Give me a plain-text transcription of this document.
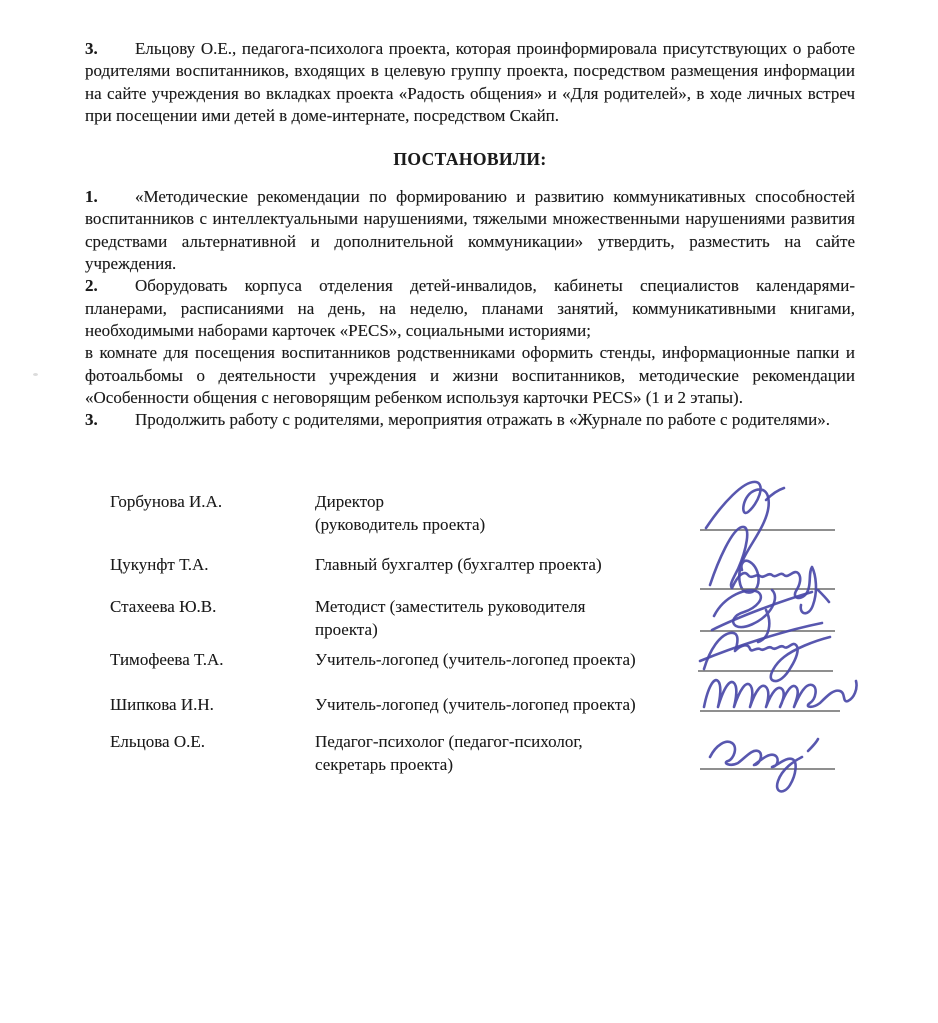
3. Ельцову О.Е., педагога-психолога проекта, которая проинформировала присутствующих о работе родителями воспитанников, входящих в целевую группу проекта, посредством размещения информации на сайте учреждения во вкладках проекта «Радость общения» и «Для родителей», в ходе личных встреч при посещении ими детей в доме-интернате, посредством Скайп.

ПОСТАНОВИЛИ:

1. «Методические рекомендации по формированию и развитию коммуникативных способностей воспитанников с интеллектуальными нарушениями, тяжелыми множественными нарушениями развития средствами альтернативной и дополнительной коммуникации» утвердить, разместить на сайте учреждения.

2. Оборудовать корпуса отделения детей-инвалидов, кабинеты специалистов календарями-планерами, расписаниями на день, на неделю, планами занятий, коммуникативными книгами, необходимыми наборами карточек «PECS», социальными историями;

в комнате для посещения воспитанников родственниками оформить стенды, информационные папки и фотоальбомы о деятельности учреждения и жизни воспитанников, методические рекомендации «Особенности общения с неговорящим ребенком используя карточки PECS» (1 и 2 этапы).

3. Продолжить работу с родителями, мероприятия отражать в «Журнале по работе с родителями».

Горбунова И.А.	Директор
(руководитель проекта)
Цукунфт Т.А.	Главный бухгалтер (бухгалтер проекта)
Стахеева Ю.В.	Методист (заместитель руководителя
проекта)
Тимофеева Т.А.	Учитель-логопед (учитель-логопед проекта)
Шипкова И.Н.	Учитель-логопед (учитель-логопед проекта)
Ельцова О.Е.	Педагог-психолог (педагог-психолог,
секретарь проекта)
